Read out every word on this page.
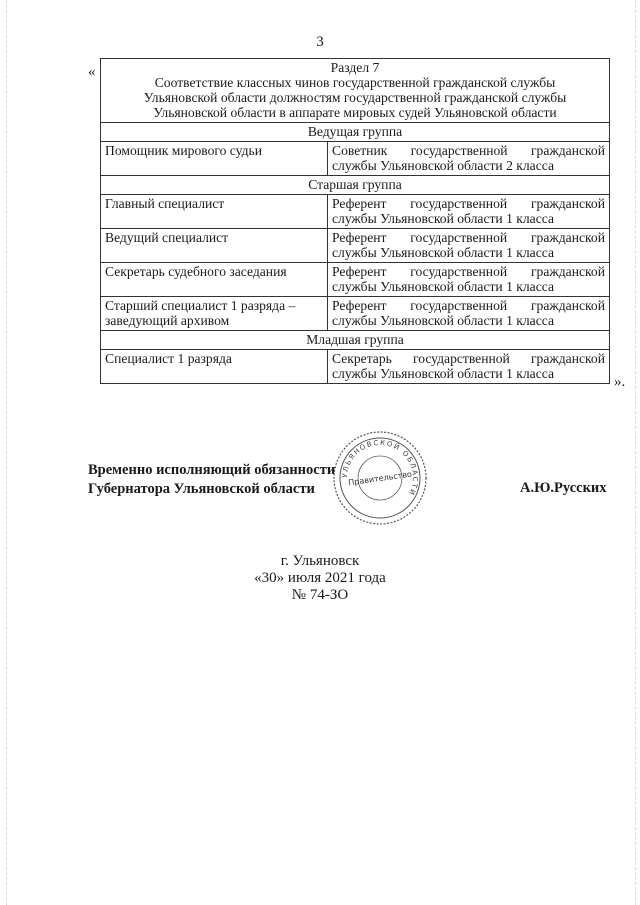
3
«	Раздел 7
Соответствие классных чинов государственной гражданской службы
Ульяновской области должностям государственной гражданской службы
Ульяновской области в аппарате мировых судей Ульяновской области	

Ведущая группа	
Помощник мирового судьи	Советник государственной гражданской службы Ульяновской области 2 класса
Старшая группа	
Главный специалист	Референт государственной гражданской службы Ульяновской области 1 класса
Ведущий специалист	Референт государственной гражданской службы Ульяновской области 1 класса
Секретарь судебного заседания	Референт государственной гражданской службы Ульяновской области 1 класса
Старший специалист 1 разряда – заведующий архивом	Референт государственной гражданской службы Ульяновской области 1 класса
Младшая группа	
Специалист 1 разряда	Секретарь государственной гражданской службы Ульяновской области 1 класса
».
Временно исполняющий обязанности
Губернатора Ульяновской области
УЛЬЯНОВСКОЙ ОБЛАСТИ
Правительство
А.Ю.Русских
г. Ульяновск
«30» июля 2021 года
№ 74-ЗО
